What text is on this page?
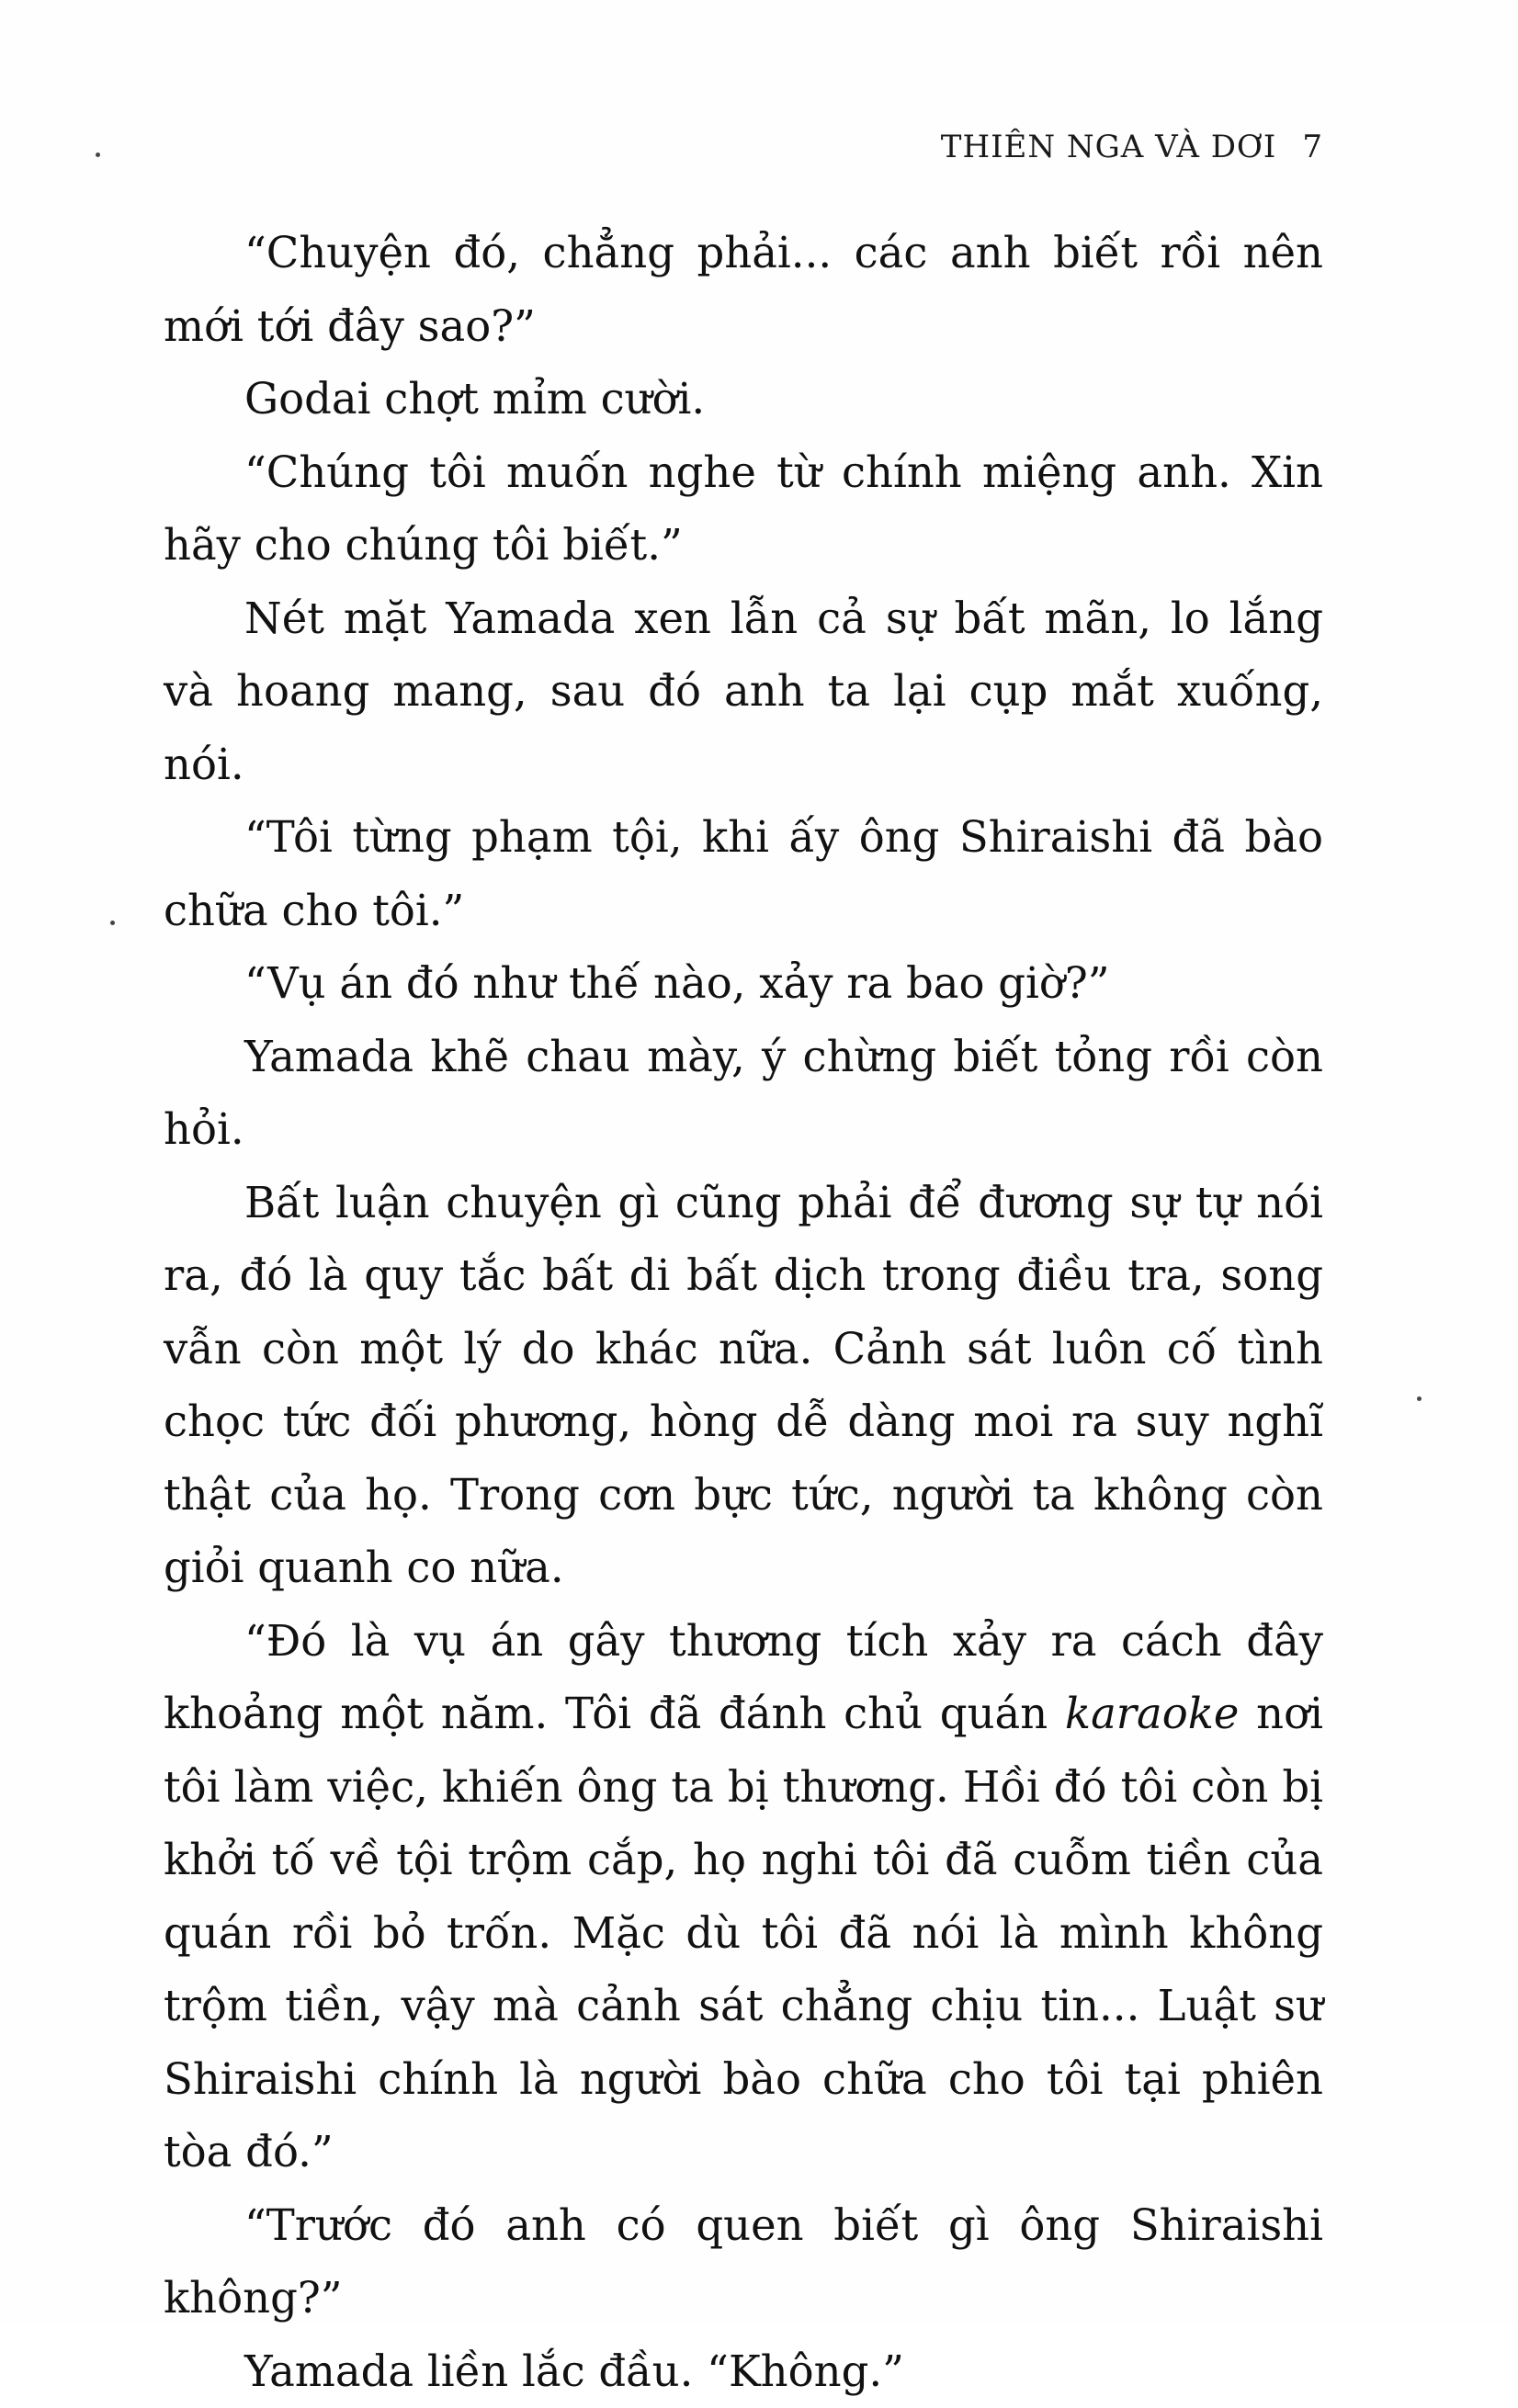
THIÊN NGA VÀ DƠI 7

“Chuyện đó, chẳng phải... các anh biết rồi nên mới tới đây sao?”

Godai chợt mỉm cười.

“Chúng tôi muốn nghe từ chính miệng anh. Xin hãy cho chúng tôi biết.”

Nét mặt Yamada xen lẫn cả sự bất mãn, lo lắng và hoang mang, sau đó anh ta lại cụp mắt xuống, nói.

“Tôi từng phạm tội, khi ấy ông Shiraishi đã bào chữa cho tôi.”

“Vụ án đó như thế nào, xảy ra bao giờ?”

Yamada khẽ chau mày, ý chừng biết tỏng rồi còn hỏi.

Bất luận chuyện gì cũng phải để đương sự tự nói ra, đó là quy tắc bất di bất dịch trong điều tra, song vẫn còn một lý do khác nữa. Cảnh sát luôn cố tình chọc tức đối phương, hòng dễ dàng moi ra suy nghĩ thật của họ. Trong cơn bực tức, người ta không còn giỏi quanh co nữa.

“Đó là vụ án gây thương tích xảy ra cách đây khoảng một năm. Tôi đã đánh chủ quán karaoke nơi tôi làm việc, khiến ông ta bị thương. Hồi đó tôi còn bị khởi tố về tội trộm cắp, họ nghi tôi đã cuỗm tiền của quán rồi bỏ trốn. Mặc dù tôi đã nói là mình không trộm tiền, vậy mà cảnh sát chẳng chịu tin... Luật sư Shiraishi chính là người bào chữa cho tôi tại phiên tòa đó.”

“Trước đó anh có quen biết gì ông Shiraishi không?”

Yamada liền lắc đầu. “Không.”
